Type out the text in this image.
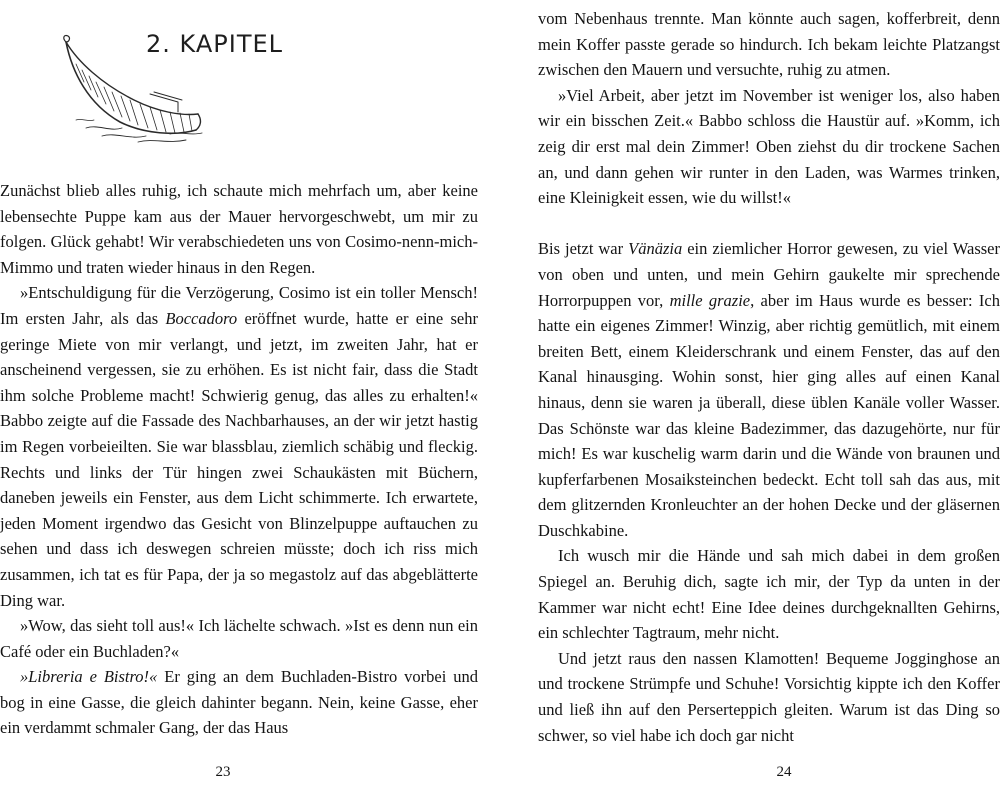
2. KAPITEL

Zunächst blieb alles ruhig, ich schaute mich mehrfach um, aber keine lebensechte Puppe kam aus der Mauer hervorgeschwebt, um mir zu folgen. Glück gehabt! Wir verabschiedeten uns von Cosimo-nenn-mich-Mimmo und traten wieder hinaus in den Regen.

»Entschuldigung für die Verzögerung, Cosimo ist ein toller Mensch! Im ersten Jahr, als das Boccadoro eröffnet wurde, hatte er eine sehr geringe Miete von mir verlangt, und jetzt, im zweiten Jahr, hat er anscheinend vergessen, sie zu erhöhen. Es ist nicht fair, dass die Stadt ihm solche Probleme macht! Schwierig genug, das alles zu erhalten!« Babbo zeigte auf die Fassade des Nachbarhauses, an der wir jetzt hastig im Regen vorbeieilten. Sie war blassblau, ziemlich schäbig und fleckig. Rechts und links der Tür hingen zwei Schaukästen mit Büchern, daneben jeweils ein Fenster, aus dem Licht schimmerte. Ich erwartete, jeden Moment irgendwo das Gesicht von Blinzelpuppe auftauchen zu sehen und dass ich deswegen schreien müsste; doch ich riss mich zusammen, ich tat es für Papa, der ja so megastolz auf das abgeblätterte Ding war.

»Wow, das sieht toll aus!« Ich lächelte schwach. »Ist es denn nun ein Café oder ein Buchladen?«

»Libreria e Bistro!« Er ging an dem Buchladen-Bistro vorbei und bog in eine Gasse, die gleich dahinter begann. Nein, keine Gasse, eher ein verdammt schmaler Gang, der das Haus

23

vom Nebenhaus trennte. Man könnte auch sagen, kofferbreit, denn mein Koffer passte gerade so hindurch. Ich bekam leichte Platzangst zwischen den Mauern und versuchte, ruhig zu atmen.

»Viel Arbeit, aber jetzt im November ist weniger los, also haben wir ein bisschen Zeit.« Babbo schloss die Haustür auf. »Komm, ich zeig dir erst mal dein Zimmer! Oben ziehst du dir trockene Sachen an, und dann gehen wir runter in den Laden, was Warmes trinken, eine Kleinigkeit essen, wie du willst!«

Bis jetzt war Vänäzia ein ziemlicher Horror gewesen, zu viel Wasser von oben und unten, und mein Gehirn gaukelte mir sprechende Horrorpuppen vor, mille grazie, aber im Haus wurde es besser: Ich hatte ein eigenes Zimmer! Winzig, aber richtig gemütlich, mit einem breiten Bett, einem Kleiderschrank und einem Fenster, das auf den Kanal hinausging. Wohin sonst, hier ging alles auf einen Kanal hinaus, denn sie waren ja überall, diese üblen Kanäle voller Wasser. Das Schönste war das kleine Badezimmer, das dazugehörte, nur für mich! Es war kuschelig warm darin und die Wände von braunen und kupferfarbenen Mosaiksteinchen bedeckt. Echt toll sah das aus, mit dem glitzernden Kronleuchter an der hohen Decke und der gläsernen Duschkabine.

Ich wusch mir die Hände und sah mich dabei in dem großen Spiegel an. Beruhig dich, sagte ich mir, der Typ da unten in der Kammer war nicht echt! Eine Idee deines durchgeknallten Gehirns, ein schlechter Tagtraum, mehr nicht.

Und jetzt raus den nassen Klamotten! Bequeme Jogginghose an und trockene Strümpfe und Schuhe! Vorsichtig kippte ich den Koffer und ließ ihn auf den Perserteppich gleiten. Warum ist das Ding so schwer, so viel habe ich doch gar nicht

24
